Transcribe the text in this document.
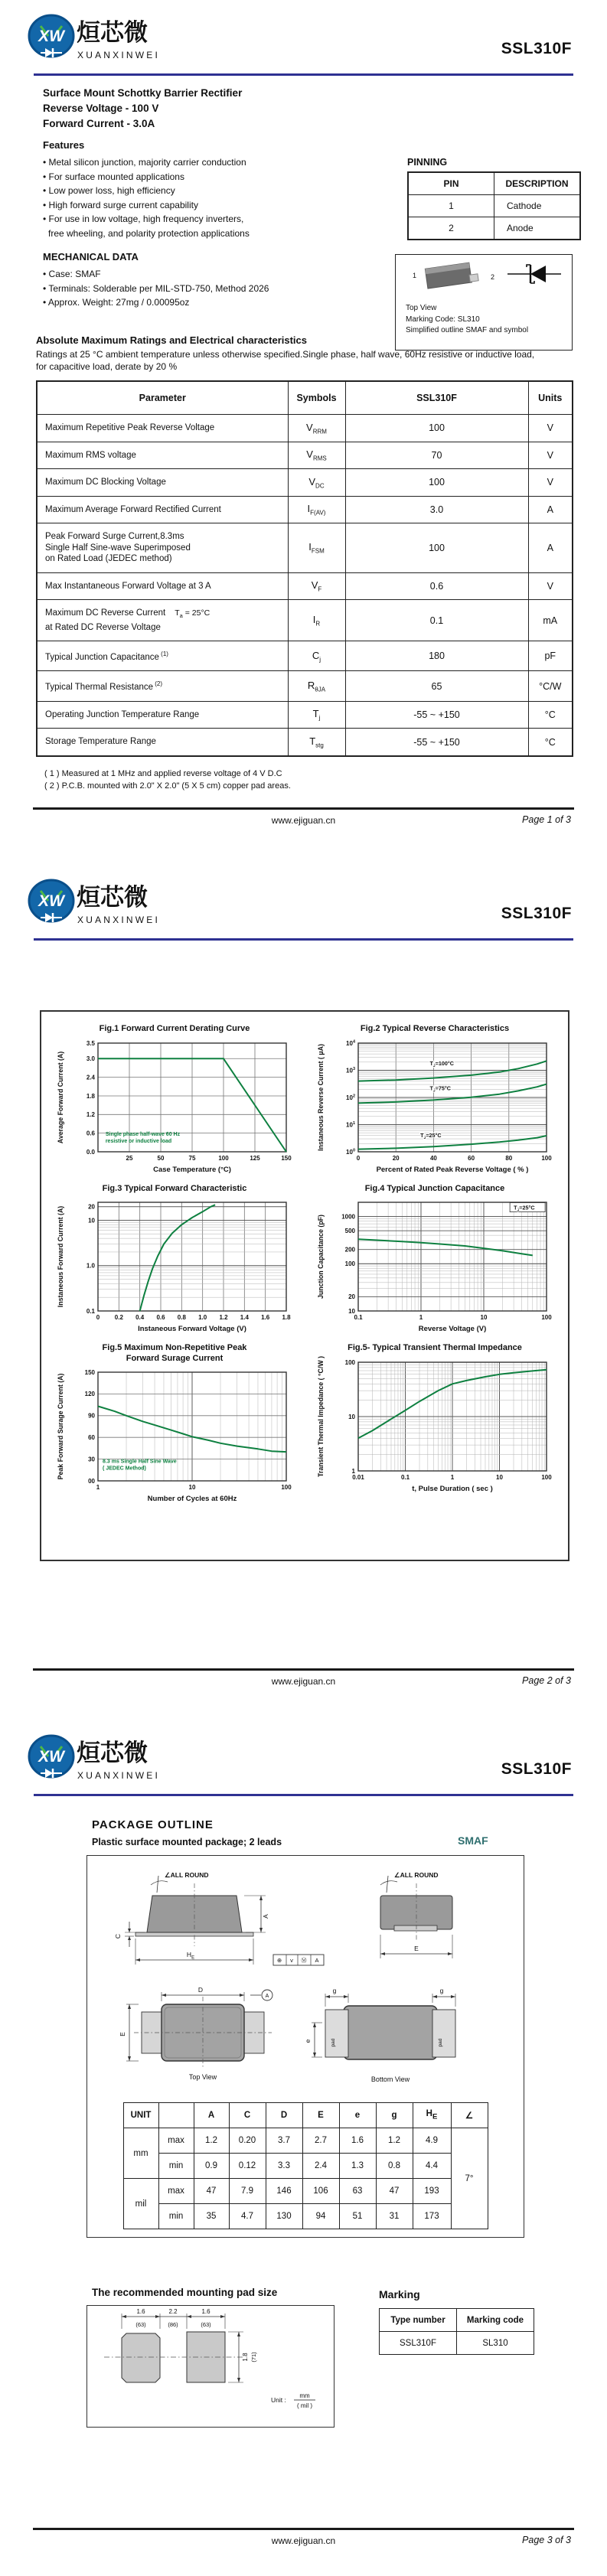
XW 烜芯微
XUANXINWEI	SSL310F
Surface Mount Schottky Barrier Rectifier
Reverse Voltage - 100 V
Forward Current - 3.0A
Features
• Metal silicon junction, majority carrier conduction
• For surface mounted applications
• Low power loss, high efficiency
• High forward surge current capability
• For use in low voltage, high frequency inverters,
free wheeling, and polarity protection applications
MECHANICAL DATA
• Case: SMAF
• Terminals: Solderable per MIL-STD-750, Method 2026
• Approx. Weight: 27mg / 0.00095oz
PINNING
PIN	DESCRIPTION
1	Cathode
2	Anode
1	2
Top View
Marking Code: SL310
Simplified outline SMAF and symbol
Absolute Maximum Ratings and Electrical characteristics
Ratings at 25 °C ambient temperature unless otherwise specified.Single phase, half wave, 60Hz resistive or inductive load,
for capacitive load, derate by 20 %
Parameter	Symbols	SSL310F	Units

Maximum Repetitive Peak Reverse Voltage	$V_{RRM}$	100	V

Maximum RMS voltage	$V_{RMS}$	70	V

Maximum DC Blocking Voltage	$V_{DC}$	100	V

Maximum Average Forward Rectified Current	$I_{F(AV)}$	3.0	A

Peak Forward Surge Current,8.3ms
Single Half Sine-wave Superimposed
on Rated Load (JEDEC method)	$I_{FSM}$	100	A

Max Instantaneous Forward Voltage at 3 A	$V_F$	0.6	V

Maximum DC Reverse Current $T_a = 25^\circ C$
at Rated DC Reverse Voltage	$I_R$	0.1	mA

Typical Junction Capacitance $^{(1)}$	$C_j$	180	pF

Typical Thermal Resistance $^{(2)}$	$R_{\theta JA}$	65	°C/W

Operating Junction Temperature Range	$T_j$	-55 ~ +150	°C

Storage Temperature Range	$T_{stg}$	-55 ~ +150	°C
( 1 ) Measured at 1 MHz and applied reverse voltage of 4 V D.C
( 2 ) P.C.B. mounted with 2.0" X 2.0" (5 X 5 cm) copper pad areas.
www.ejiguan.cn	Page 1 of 3
XW 烜芯微
XUANXINWEI	SSL310F
Fig.1 Forward Current Derating Curve
25	50	75	100	125	150
0.0
0.6
1.2
1.8
2.4
3.0
3.5
Case Temperature (°C)
Average Forward Current (A)	Single phase half-wave 60 Hz
resistive or inductive load
Fig.2 Typical Reverse Characteristics
0	20	40	60	80	100
$10^0$
$10^1$
$10^2$
$10^3$
$10^4$
Percent of Rated Peak Reverse Voltage ( % )
Instaneous Reverse Current ( μA)	$T_J=100^\circ C$
$T_J=75^\circ C$
$T_J=25^\circ C$
Fig.3 Typical Forward Characteristic
0 0.2 0.4 0.6 0.8 1.0 1.2 1.4 1.6 1.8
0.1
1.0
10
20
Instaneous Forward Voltage (V)
Instaneous Forward Current (A)
Fig.4 Typical Junction Capacitance
0.1	1	10	100
10
20
100
200
500
1000
Reverse Voltage (V)
Junction Capacitance (pF)
$T_J=25^\circ C$
Fig.5 Maximum Non-Repetitive Peak
Forward Surage Current
1	10	100
00
30
60
90
120
150
Number of Cycles at 60Hz
Peak Forward Surage Current (A)	8.3 ms Single Half Sine Wave
( JEDEC Method)
Fig.5- Typical Transient Thermal Impedance
0.01	0.1	1	10	100
1
10
100
t, Pulse Duration ( sec )
Transient Thermal Impedance ( °C/W )
www.ejiguan.cn	Page 2 of 3
XW 烜芯微
XUANXINWEI	SSL310F
PACKAGE OUTLINE
Plastic surface mounted package; 2 leads	SMAF
∠ALL ROUND
A
C
$H_E$	⊕ v Ⓜ A
∠ALL ROUND
E
D
A
E
Top View
pad	pad
g	g
e
Bottom View
UNIT		A	C	D	E	e	g	$H_E$	∠
mm	max	1.2	0.20	3.7	2.7	1.6	1.2	4.9	7°
	min	0.9	0.12	3.3	2.4	1.3	0.8	4.4	
mil	max	47	7.9	146	106	63	47	193	
	min	35	4.7	130	94	51	31	173	
The recommended mounting pad size
1.6
(63)
2.2
(86)
1.6
(63)
1.8 (71)
Unit :
mm
( mil )
Marking
Type number	Marking code
SSL310F	SL310
www.ejiguan.cn	Page 3 of 3
